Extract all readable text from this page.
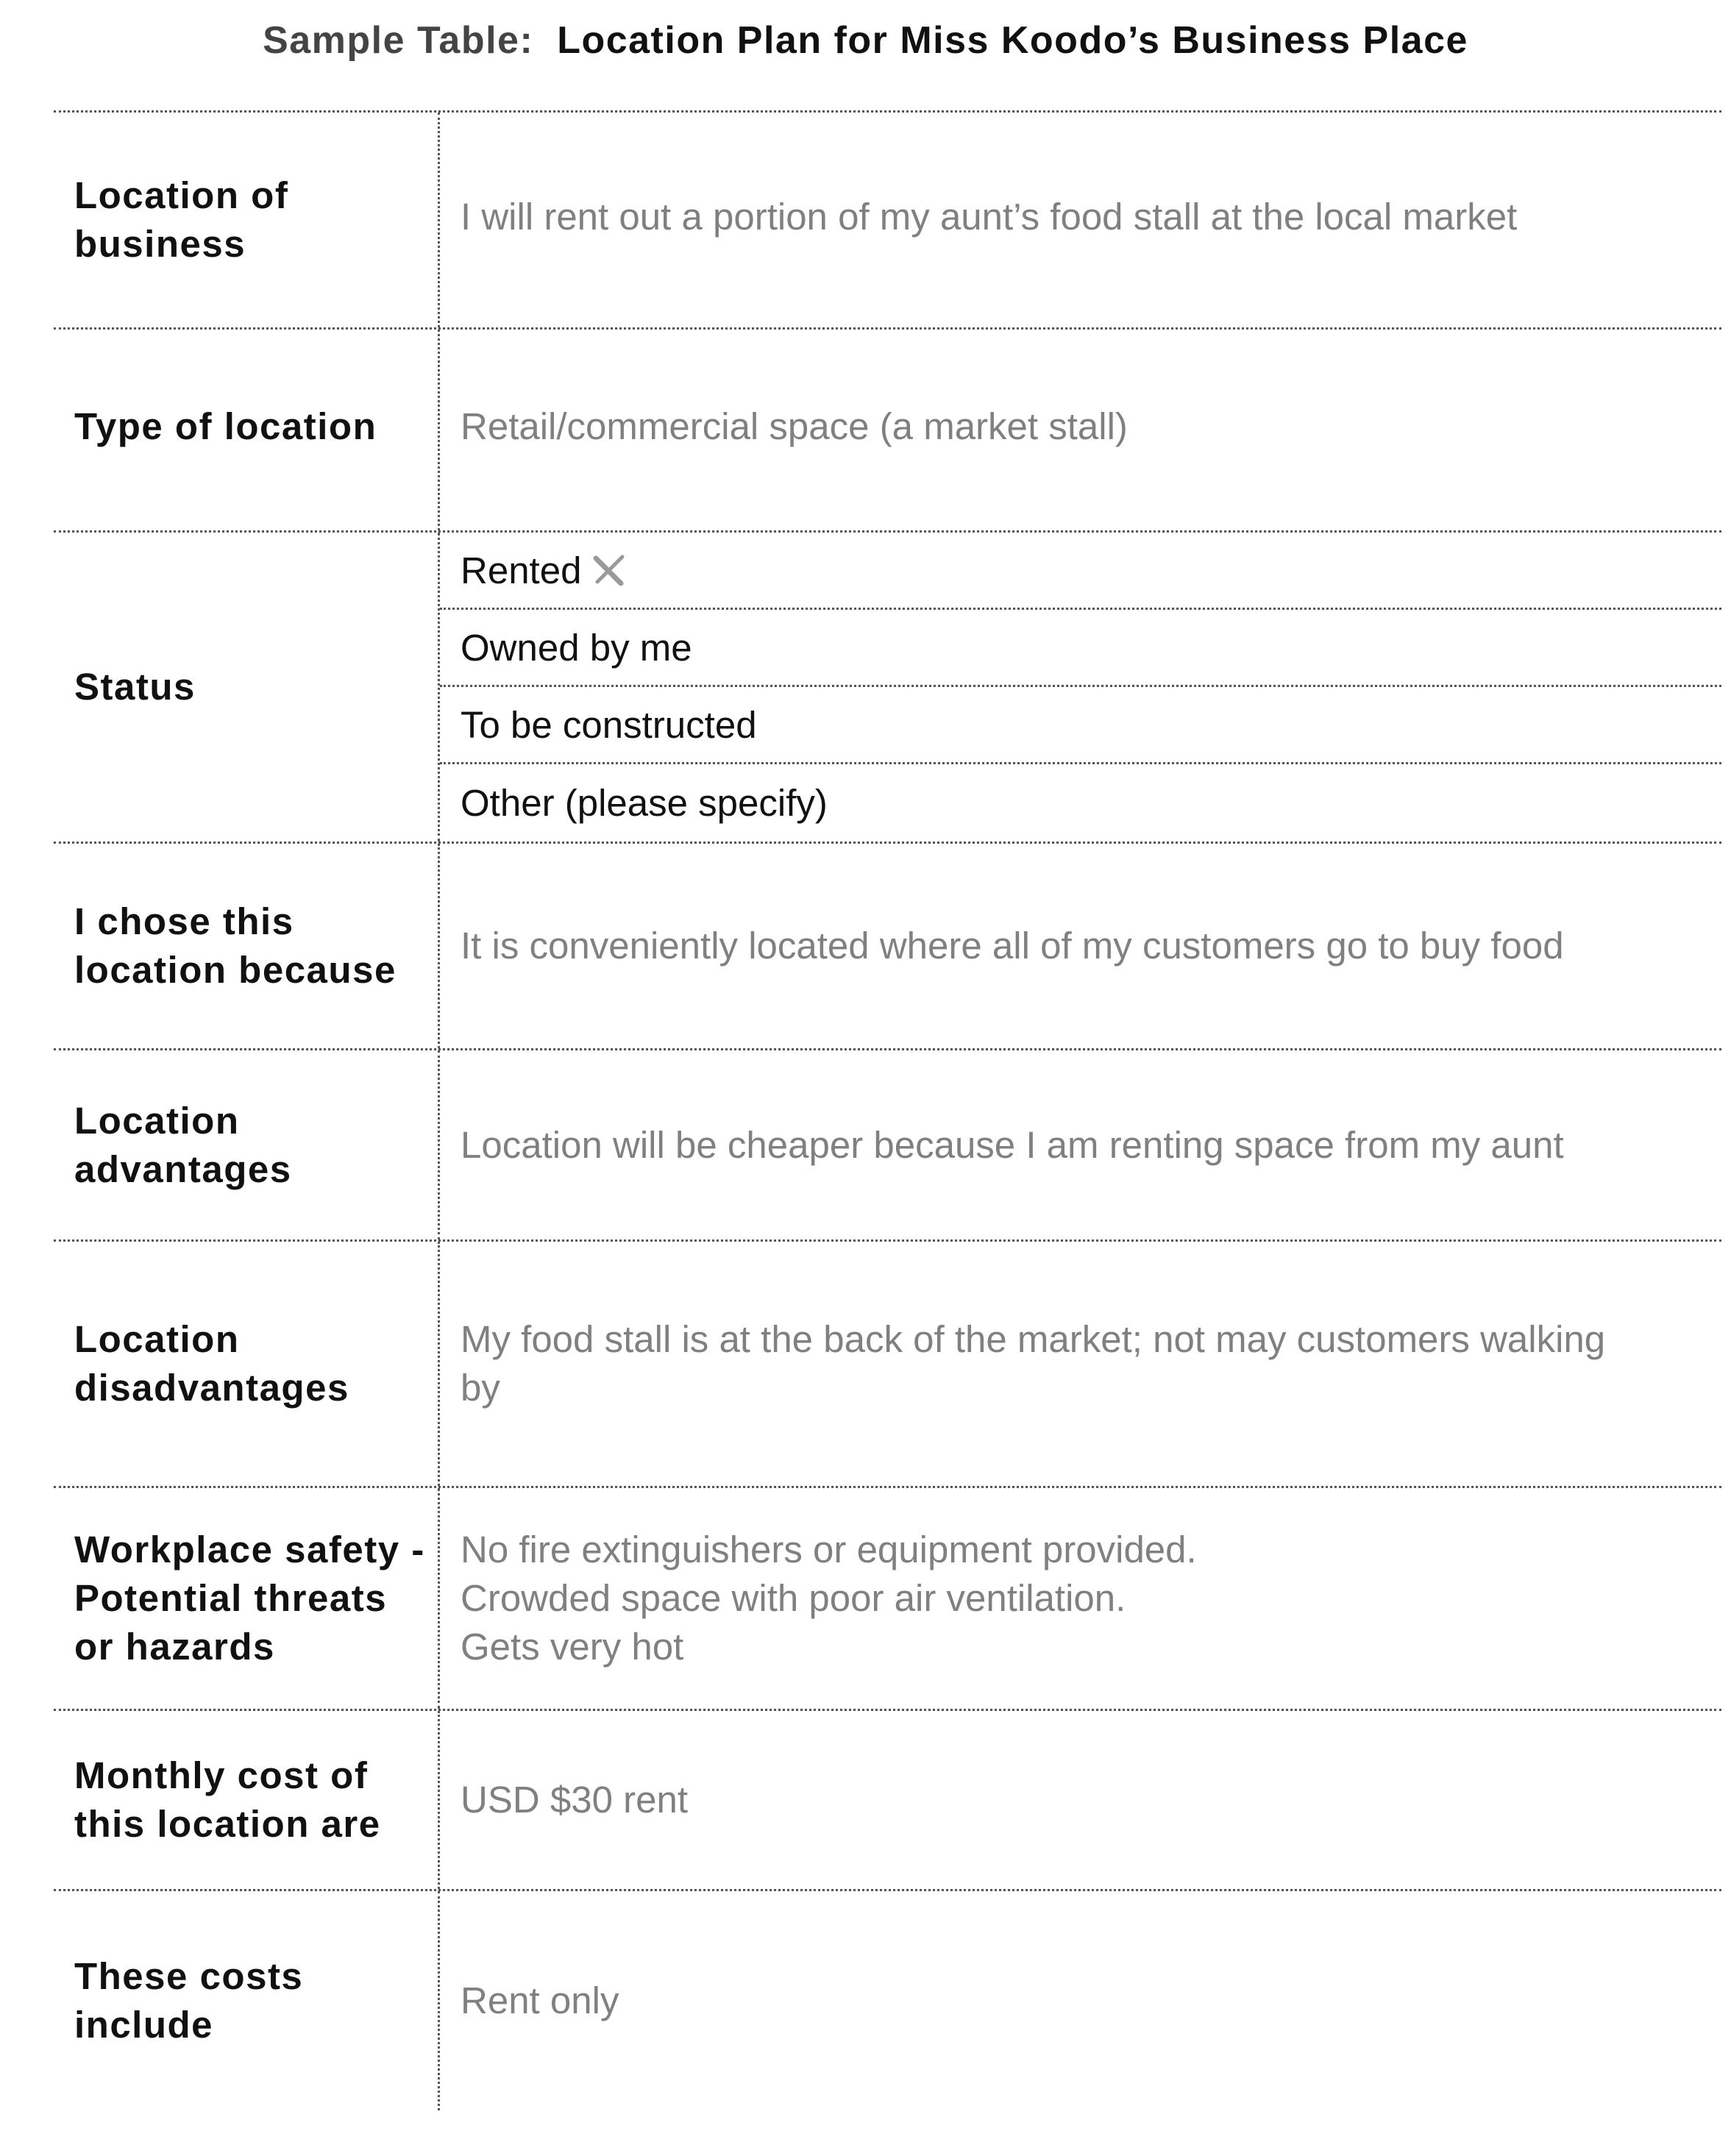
Sample Table: Location Plan for Miss Koodo’s Business Place
Location of business
I will rent out a portion of my aunt’s food stall at the local market
Type of location	Retail/commercial space (a market stall)
Status
Rented
Owned by me
To be constructed
Other (please specify)
I chose this location because
It is conveniently located where all of my customers go to buy food
Location advantages
Location will be cheaper because I am renting space from my aunt
Location disadvantages
My food stall is at the back of the market; not may customers walking
by
Workplace safety - Potential threats or hazards
No fire extinguishers or equipment provided.
Crowded space with poor air ventilation.
Gets very hot
Monthly cost of this location are
USD $30 rent
These costs include
Rent only
